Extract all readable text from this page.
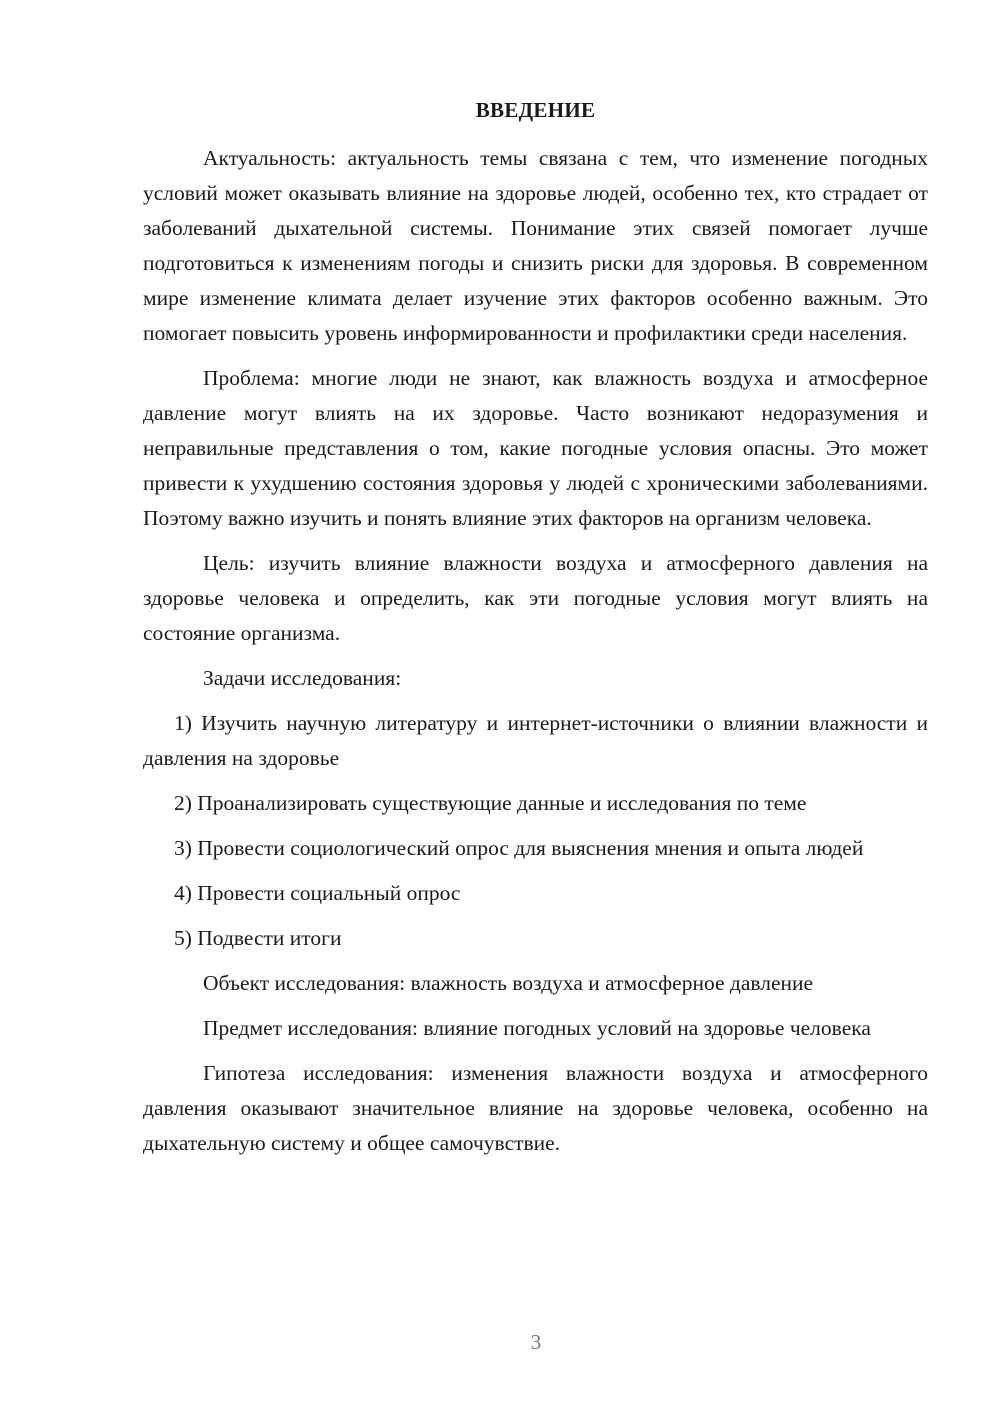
ВВЕДЕНИЕ

Актуальность: актуальность темы связана с тем, что изменение погодных условий может оказывать влияние на здоровье людей, особенно тех, кто страдает от заболеваний дыхательной системы. Понимание этих связей помогает лучше подготовиться к изменениям погоды и снизить риски для здоровья. В современном мире изменение климата делает изучение этих факторов особенно важным. Это помогает повысить уровень информированности и профилактики среди населения.

Проблема: многие люди не знают, как влажность воздуха и атмосферное давление могут влиять на их здоровье. Часто возникают недоразумения и неправильные представления о том, какие погодные условия опасны. Это может привести к ухудшению состояния здоровья у людей с хроническими заболеваниями. Поэтому важно изучить и понять влияние этих факторов на организм человека.

Цель: изучить влияние влажности воздуха и атмосферного давления на здоровье человека и определить, как эти погодные условия могут влиять на состояние организма.

Задачи исследования:

1) Изучить научную литературу и интернет-источники о влиянии влажности и давления на здоровье

2) Проанализировать существующие данные и исследования по теме

3) Провести социологический опрос для выяснения мнения и опыта людей

4) Провести социальный опрос

5) Подвести итоги

Объект исследования: влажность воздуха и атмосферное давление

Предмет исследования: влияние погодных условий на здоровье человека

Гипотеза исследования: изменения влажности воздуха и атмосферного давления оказывают значительное влияние на здоровье человека, особенно на дыхательную систему и общее самочувствие.

3
